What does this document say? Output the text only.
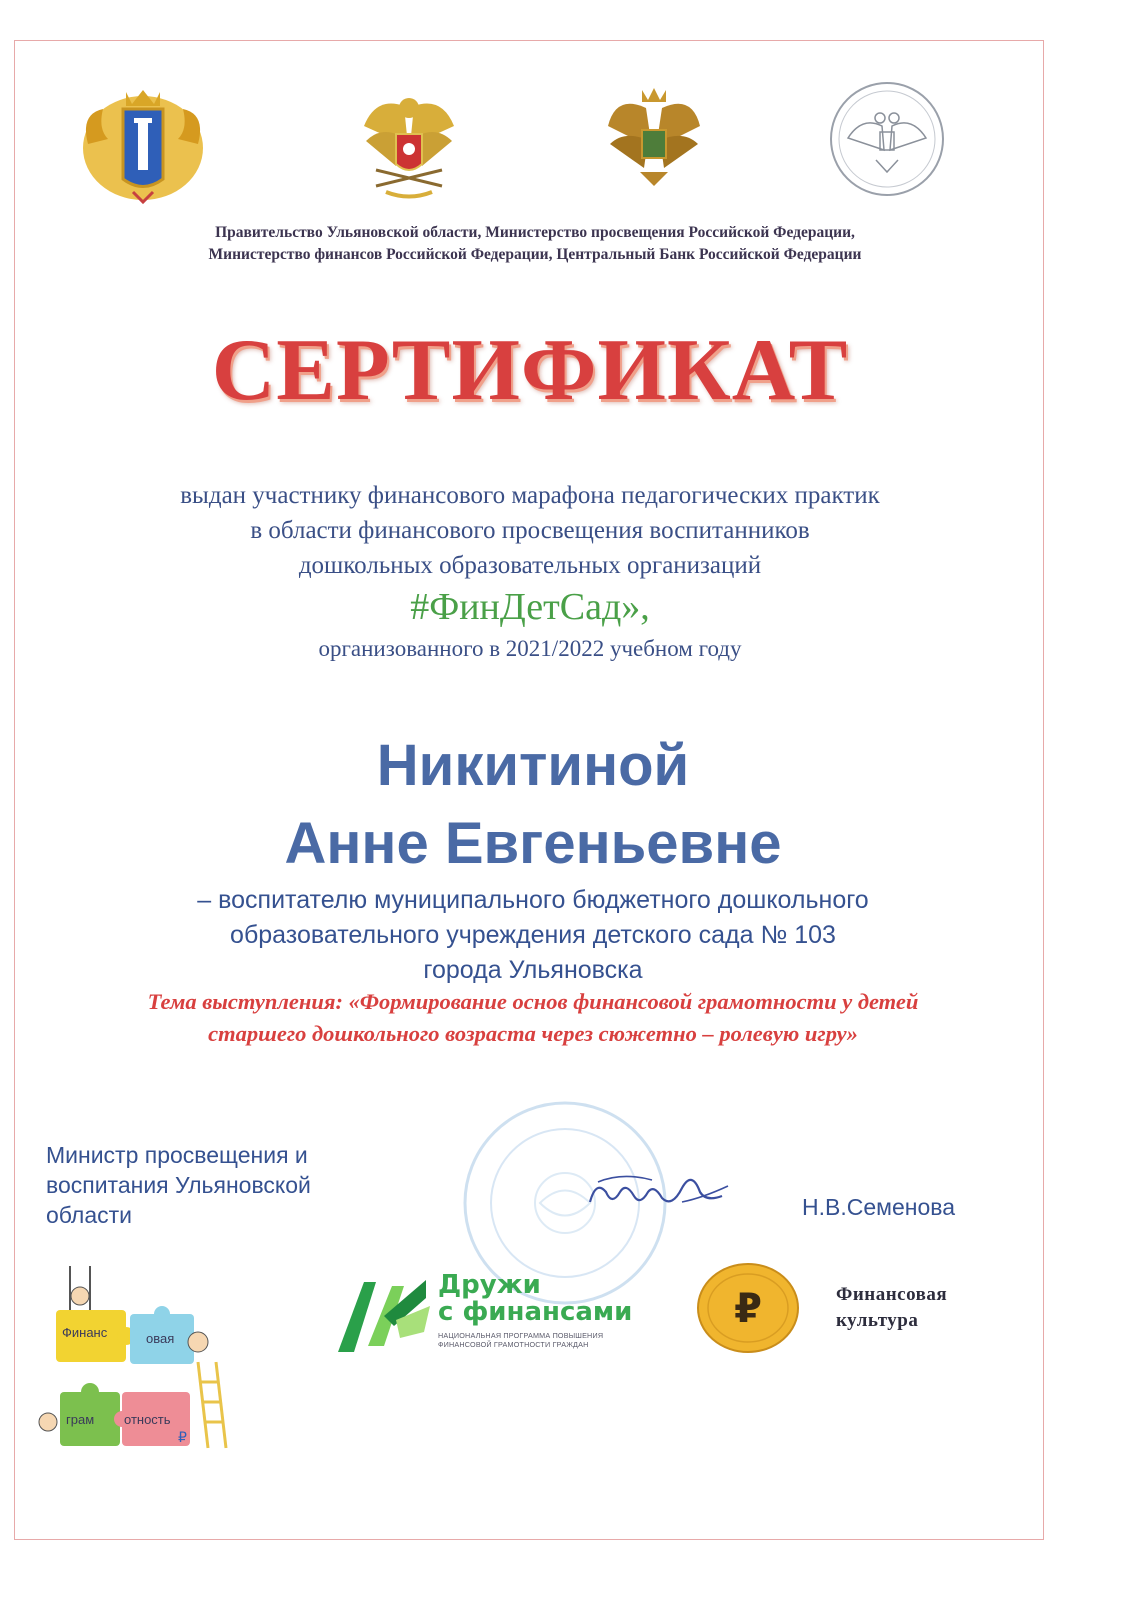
Правительство Ульяновской области, Министерство просвещения Российской Федерации,
Министерство финансов Российской Федерации, Центральный Банк Российской Федерации
СЕРТИФИКАТ
выдан участнику финансового марафона педагогических практик
в области финансового просвещения воспитанников
дошкольных образовательных организаций
#ФинДетСад»,
организованного в 2021/2022 учебном году
Никитиной
Анне Евгеньевне
– воспитателю муниципального бюджетного дошкольного
образовательного учреждения детского сада № 103
города Ульяновска
Тема выступления: «Формирование основ финансовой грамотности у детей
старшего дошкольного возраста через сюжетно – ролевую игру»
Министр просвещения и
воспитания Ульяновской
области	Н.В.Семенова
₽
Финанс	овая
грам отность
Дружи
с финансами
НАЦИОНАЛЬНАЯ ПРОГРАММА ПОВЫШЕНИЯ
ФИНАНСОВОЙ ГРАМОТНОСТИ ГРАЖДАН
₽	Финансовая
культура
